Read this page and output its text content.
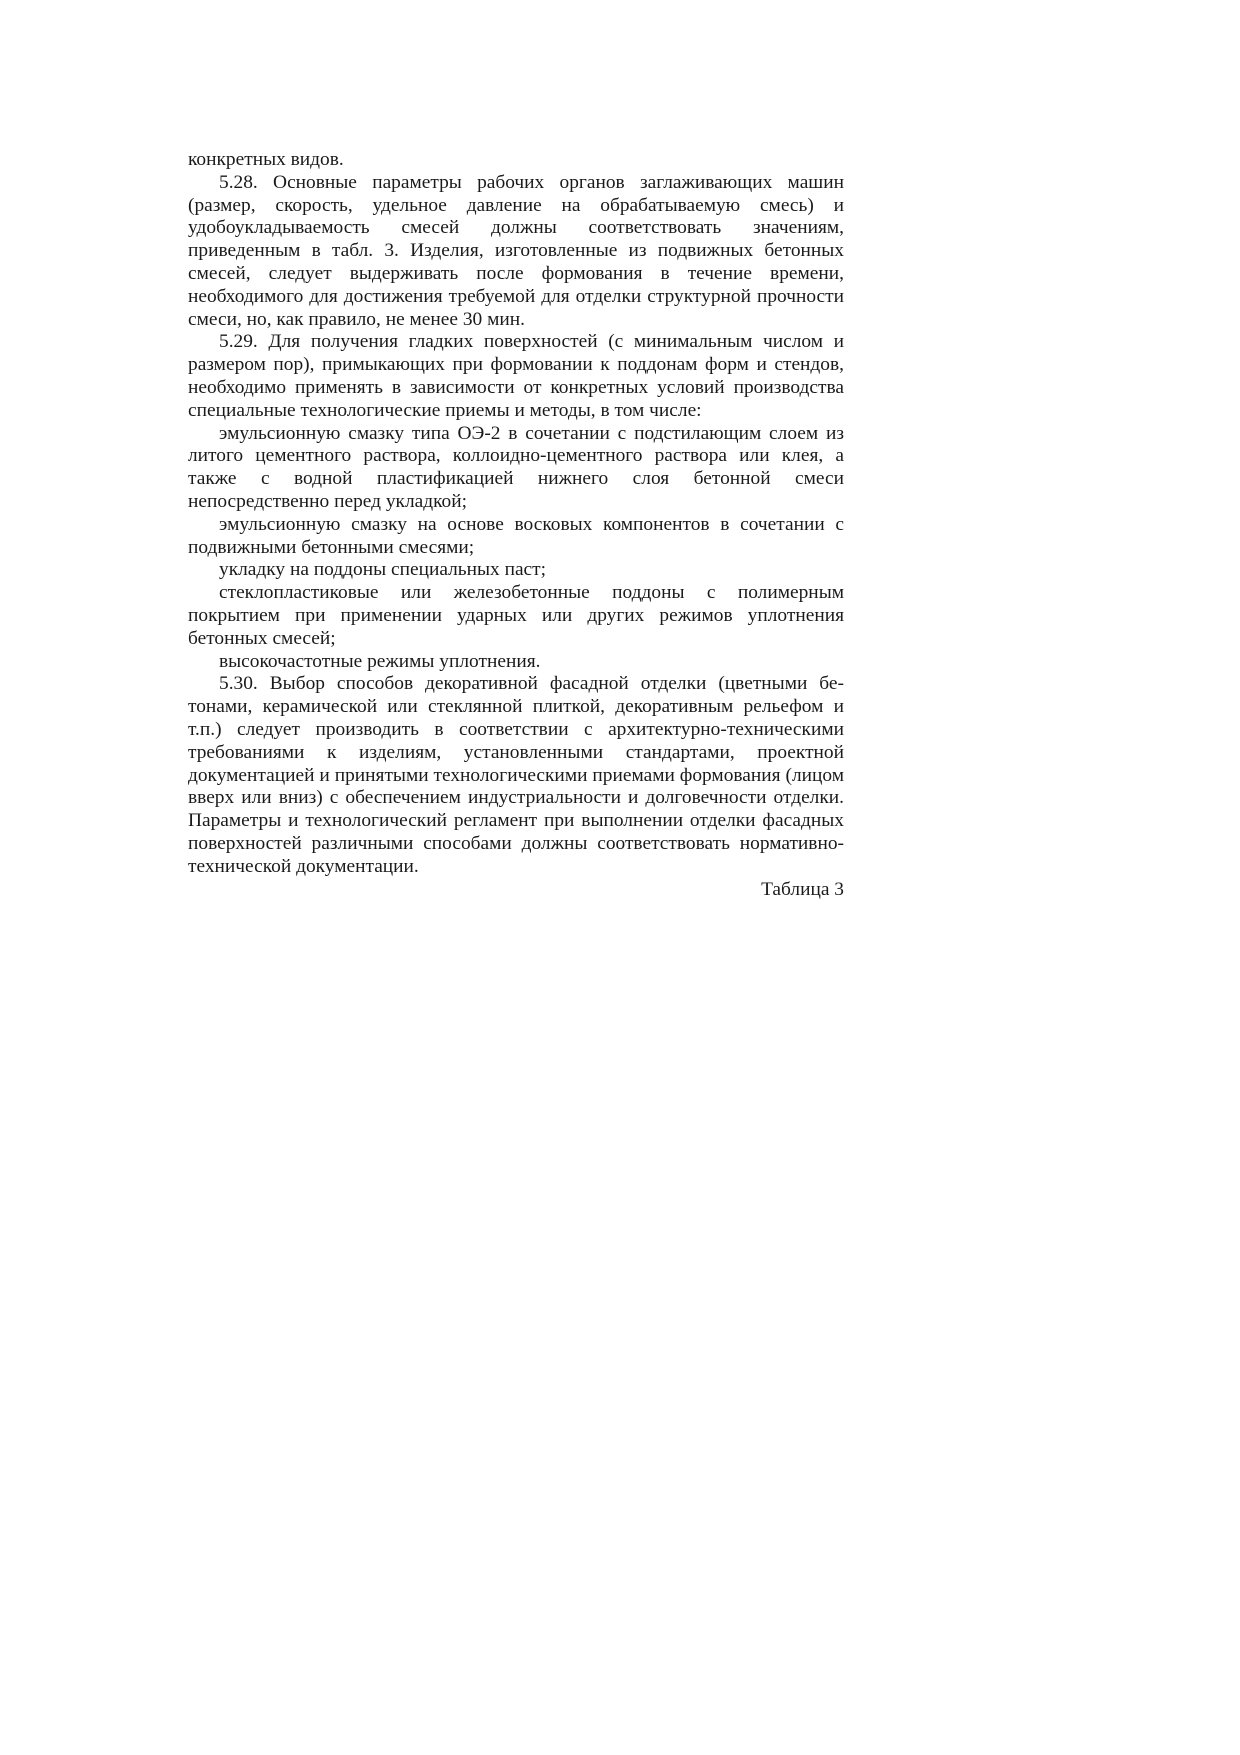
конкретных видов.

5.28. Основные параметры рабочих органов заглаживающих машин (размер, скорость, удельное давление на обрабатываемую смесь) и удобоукладываемость смесей должны соответствовать значениям, приведенным в табл. 3. Изделия, изготовленные из подвижных бетонных смесей, следует выдерживать после формования в течение времени, необходимого для достижения требуемой для отделки структурной прочности смеси, но, как правило, не менее 30 мин.

5.29. Для получения гладких поверхностей (с минимальным числом и размером пор), примыкающих при формовании к поддонам форм и стендов, необходимо применять в зависимости от конкретных условий производства специальные технологические приемы и методы, в том числе:

эмульсионную смазку типа ОЭ-2 в сочетании с подстилающим слоем из литого цементного раствора, коллоидно-цементного раствора или клея, а также с водной пластификацией нижнего слоя бетонной смеси непосредственно перед укладкой;

эмульсионную смазку на основе восковых компонентов в сочетании с подвижными бетонными смесями;

укладку на поддоны специальных паст;

стеклопластиковые или железобетонные поддоны с полимерным покрытием при применении ударных или других режимов уплотнения бетонных смесей;

высокочастотные режимы уплотнения.

5.30. Выбор способов декоративной фасадной отделки (цветными бетонами, керамической или стеклянной плиткой, декоративным рельефом и т.п.) следует производить в соответствии с архитектурно-техническими требованиями к изделиям, установленными стандартами, проектной документацией и принятыми технологическими приемами формования (лицом вверх или вниз) с обеспечением индустриальности и долговечности отделки. Параметры и технологический регламент при выполнении отделки фасадных поверхностей различными способами должны соответствовать нормативно-технической документации.

Таблица 3
